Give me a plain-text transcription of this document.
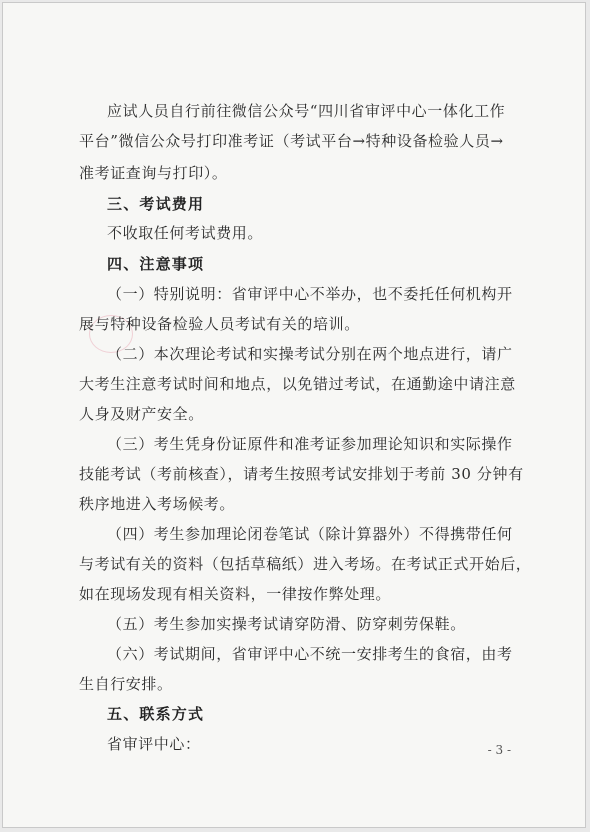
应试人员自行前往微信公众号“四川省审评中心一体化工作
平台”微信公众号打印准考证（考试平台→特种设备检验人员→
准考证查询与打印）。
三、考试费用
不收取任何考试费用。
四、注意事项
（一）特别说明：省审评中心不举办，也不委托任何机构开
展与特种设备检验人员考试有关的培训。
（二）本次理论考试和实操考试分别在两个地点进行，请广
大考生注意考试时间和地点，以免错过考试，在通勤途中请注意
人身及财产安全。
（三）考生凭身份证原件和准考证参加理论知识和实际操作
技能考试（考前核查），请考生按照考试安排划于考前 30 分钟有
秩序地进入考场候考。
（四）考生参加理论闭卷笔试（除计算器外）不得携带任何
与考试有关的资料（包括草稿纸）进入考场。在考试正式开始后，
如在现场发现有相关资料，一律按作弊处理。
（五）考生参加实操考试请穿防滑、防穿刺劳保鞋。
（六）考试期间，省审评中心不统一安排考生的食宿，由考
生自行安排。
五、联系方式
省审评中心：	- 3 -
